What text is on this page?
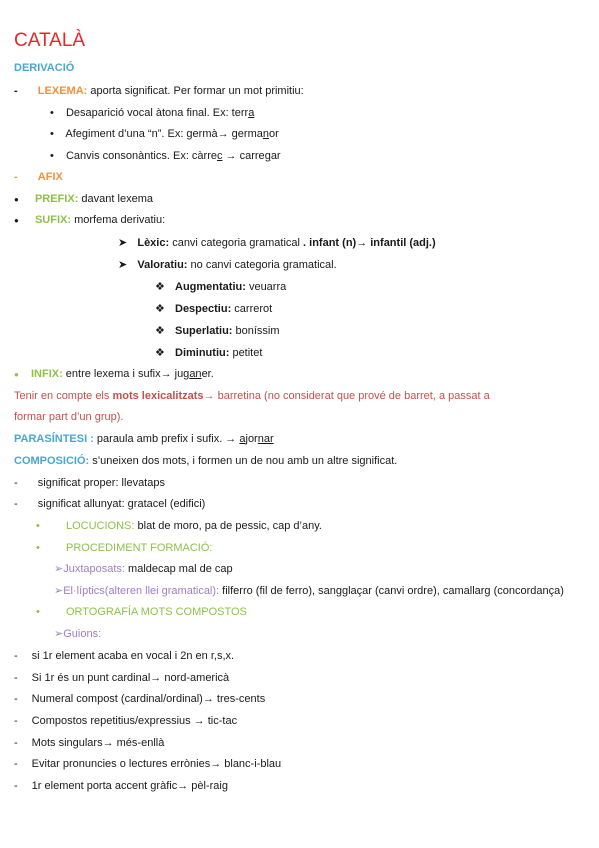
CATALÀ
DERIVACIÓ
- LEXEMA: aporta significat. Per formar un mot primitiu:
• Desaparició vocal àtona final. Ex: terra
• Afegiment d’una “n”. Ex: germà→ germanor
• Canvis consonàntics. Ex: càrrec → carregar
- AFIX
● PREFIX: davant lexema
● SUFIX: morfema derivatiu:
➤ Lèxic: canvi categoria gramatical . infant (n)→ infantil (adj.)
➤ Valoratiu: no canvi categoria gramatical.
❖ Augmentatiu: veuarra
❖ Despectiu: carrerot
❖ Superlatiu: boníssim
❖ Diminutiu: petitet
● INFIX: entre lexema i sufix→ juganer.
Tenir en compte els mots lexicalitzats→ barretina (no considerat que prové de barret, a passat a
formar part d’un grup).
PARASÍNTESI : paraula amb prefix i sufix. → ajornar
COMPOSICIÓ: s’uneixen dos mots, i formen un de nou amb un altre significat.
- significat proper: llevataps
- significat allunyat: gratacel (edifici)
• LOCUCIONS: blat de moro, pa de pessic, cap d’any.
• PROCEDIMENT FORMACIÓ:
➢Juxtaposats: maldecap mal de cap
➢El·líptics(alteren llei gramatical): filferro (fil de ferro), sangglaçar (canvi ordre), camallarg (concordança)
• ORTOGRAFÍA MOTS COMPOSTOS
➢Guions:
- si 1r element acaba en vocal i 2n en r,s,x.
- Si 1r és un punt cardinal→ nord-americà
- Numeral compost (cardinal/ordinal)→ tres-cents
- Compostos repetitius/expressius → tic-tac
- Mots singulars→ més-enllà
- Evitar pronuncies o lectures errònies→ blanc-i-blau
- 1r element porta accent gràfic→ pèl-raig
